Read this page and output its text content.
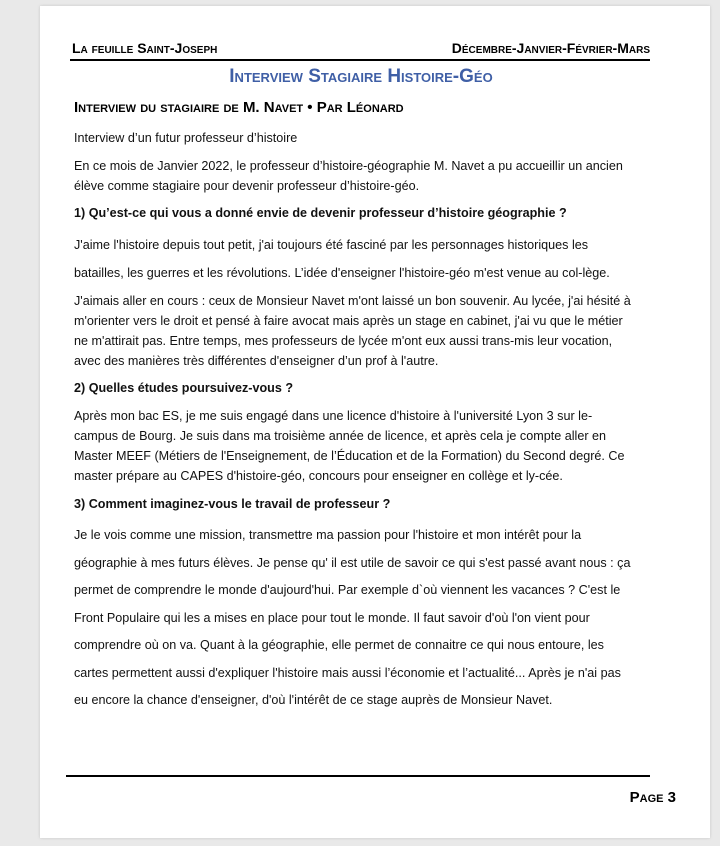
La feuille Saint-Joseph	Décembre-Janvier-Février-Mars
Interview Stagiaire Histoire-Géo
Interview du stagiaire de M. Navet • Par Léonard

Interview d’un futur professeur d’histoire

En ce mois de Janvier 2022, le professeur d’histoire-géographie M. Navet a pu accueillir un ancien élève comme stagiaire pour devenir professeur d’histoire-géo.

1) Qu’est-ce qui vous a donné envie de devenir professeur d’histoire géographie ?

J'aime l'histoire depuis tout petit, j'ai toujours été fasciné par les personnages historiques les batailles, les guerres et les révolutions. L’idée d'enseigner l'histoire-géo m'est venue au col-lège.

J'aimais aller en cours : ceux de Monsieur Navet m'ont laissé un bon souvenir. Au lycée, j'ai hésité à m'orienter vers le droit et pensé à faire avocat mais après un stage en cabinet, j'ai vu que le métier ne m'attirait pas. Entre temps, mes professeurs de lycée m'ont eux aussi trans-mis leur vocation, avec des manières très différentes d'enseigner d’un prof à l'autre.

2) Quelles études poursuivez-vous ?

Après mon bac ES, je me suis engagé dans une licence d'histoire à l'université Lyon 3 sur le-campus de Bourg. Je suis dans ma troisième année de licence, et après cela je compte aller en Master MEEF (Métiers de l'Enseignement, de l’Éducation et de la Formation) du Second degré. Ce master prépare au CAPES d'histoire-géo, concours pour enseigner en collège et ly-cée.

3) Comment imaginez-vous le travail de professeur ?

Je le vois comme une mission, transmettre ma passion pour l'histoire et mon intérêt pour la géographie à mes futurs élèves. Je pense qu' il est utile de savoir ce qui s'est passé avant nous : ça permet de comprendre le monde d'aujourd'hui. Par exemple d`où viennent les vacances ? C'est le Front Populaire qui les a mises en place pour tout le monde. Il faut savoir d'où l'on vient pour comprendre où on va. Quant à la géographie, elle permet de connaitre ce qui nous entoure, les cartes permettent aussi d'expliquer l'histoire mais aussi l’économie et l’actualité... Après je n'ai pas eu encore la chance d'enseigner, d'où l'intérêt de ce stage auprès de Monsieur Navet.

Page 3
